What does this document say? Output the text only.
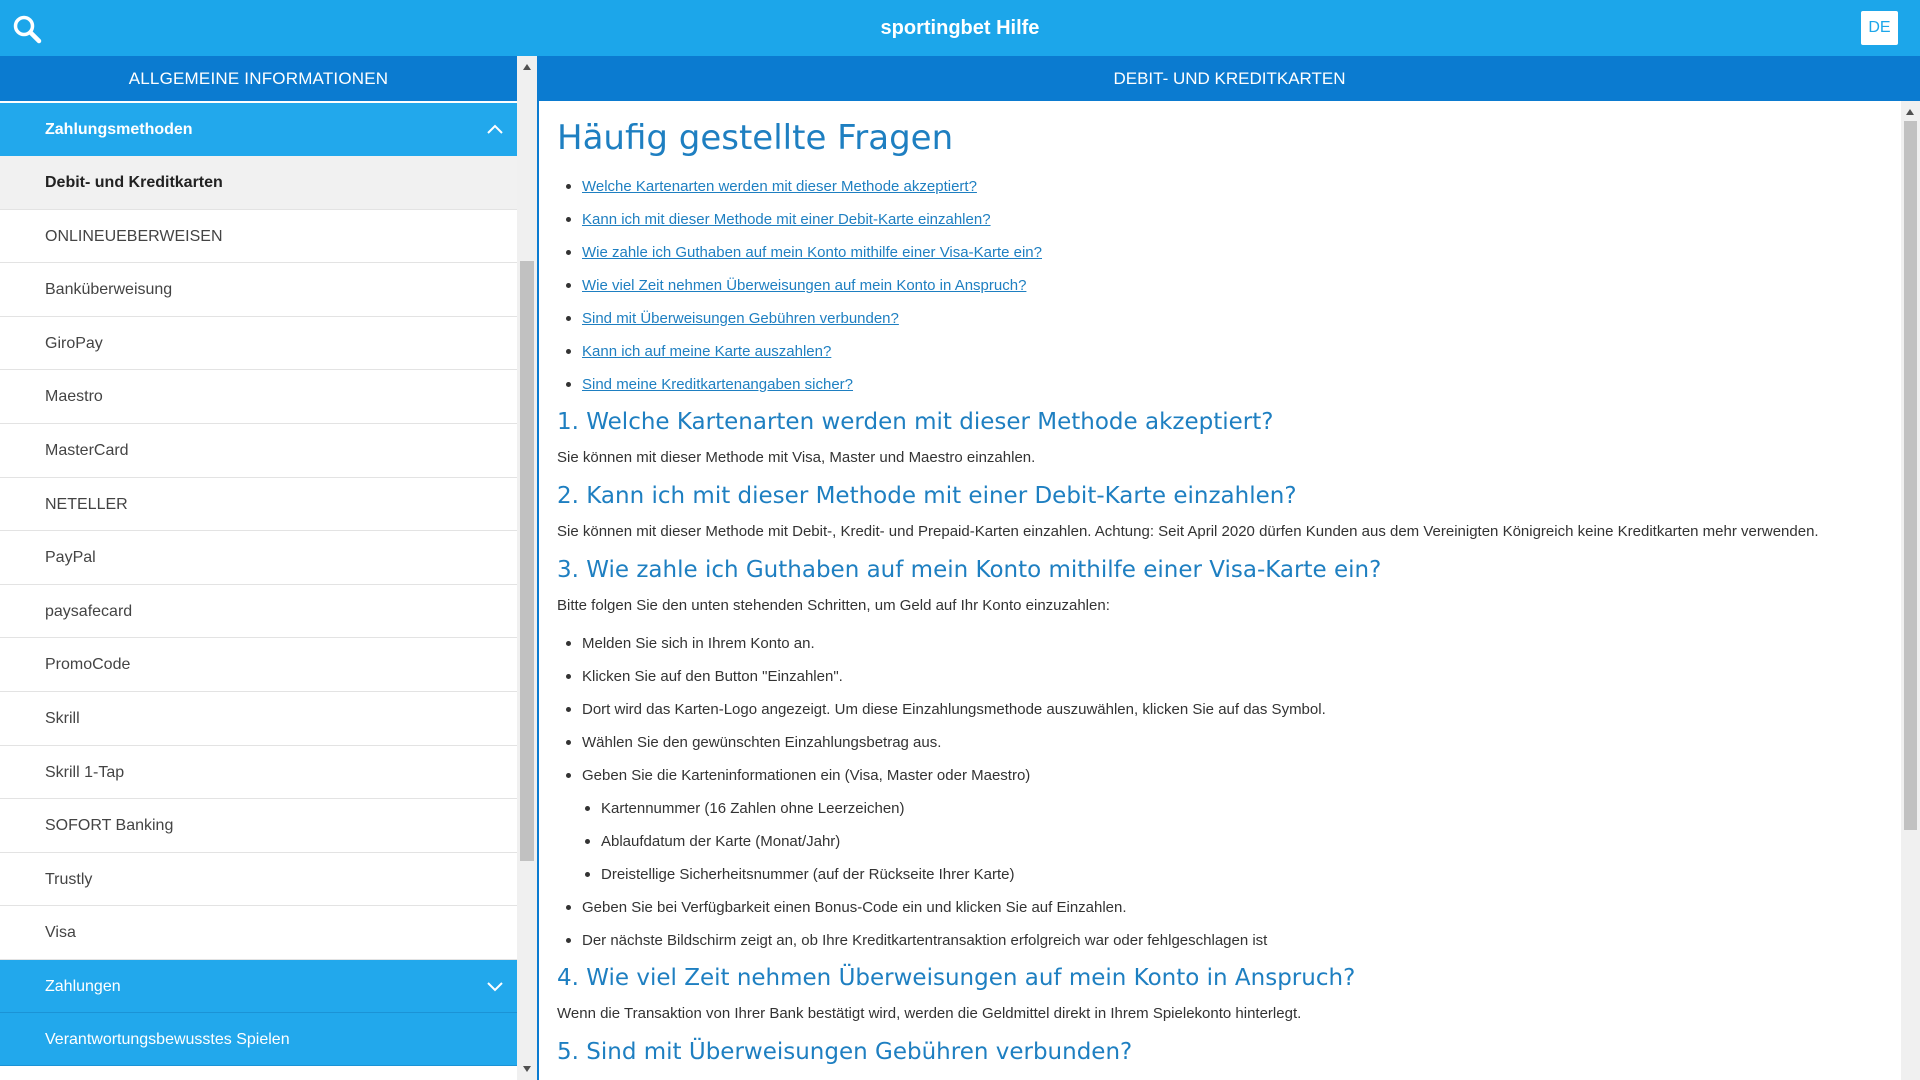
sportingbet Hilfe	DE
ALLGEMEINE INFORMATIONEN
Zahlungsmethoden
Debit- und Kreditkarten
ONLINEUEBERWEISEN
Banküberweisung
GiroPay
Maestro
MasterCard
NETELLER
PayPal
paysafecard
PromoCode
Skrill
Skrill 1-Tap
SOFORT Banking
Trustly
Visa
Zahlungen
Verantwortungsbewusstes Spielen
DEBIT- UND KREDITKARTEN
Häufig gestellte Fragen
Welche Kartenarten werden mit dieser Methode akzeptiert?
Kann ich mit dieser Methode mit einer Debit-Karte einzahlen?
Wie zahle ich Guthaben auf mein Konto mithilfe einer Visa-Karte ein?
Wie viel Zeit nehmen Überweisungen auf mein Konto in Anspruch?
Sind mit Überweisungen Gebühren verbunden?
Kann ich auf meine Karte auszahlen?
Sind meine Kreditkartenangaben sicher?
1. Welche Kartenarten werden mit dieser Methode akzeptiert?

Sie können mit dieser Methode mit Visa, Master und Maestro einzahlen.

2. Kann ich mit dieser Methode mit einer Debit-Karte einzahlen?

Sie können mit dieser Methode mit Debit-, Kredit- und Prepaid-Karten einzahlen. Achtung: Seit April 2020 dürfen Kunden aus dem Vereinigten Königreich keine Kreditkarten mehr verwenden.

3. Wie zahle ich Guthaben auf mein Konto mithilfe einer Visa-Karte ein?

Bitte folgen Sie den unten stehenden Schritten, um Geld auf Ihr Konto einzuzahlen:

Melden Sie sich in Ihrem Konto an.
Klicken Sie auf den Button "Einzahlen".
Dort wird das Karten-Logo angezeigt. Um diese Einzahlungsmethode auszuwählen, klicken Sie auf das Symbol.
Wählen Sie den gewünschten Einzahlungsbetrag aus.
Geben Sie die Karteninformationen ein (Visa, Master oder Maestro)
Kartennummer (16 Zahlen ohne Leerzeichen)
Ablaufdatum der Karte (Monat/Jahr)
Dreistellige Sicherheitsnummer (auf der Rückseite Ihrer Karte)
Geben Sie bei Verfügbarkeit einen Bonus-Code ein und klicken Sie auf Einzahlen.
Der nächste Bildschirm zeigt an, ob Ihre Kreditkartentransaktion erfolgreich war oder fehlgeschlagen ist
4. Wie viel Zeit nehmen Überweisungen auf mein Konto in Anspruch?

Wenn die Transaktion von Ihrer Bank bestätigt wird, werden die Geldmittel direkt in Ihrem Spielekonto hinterlegt.

5. Sind mit Überweisungen Gebühren verbunden?
